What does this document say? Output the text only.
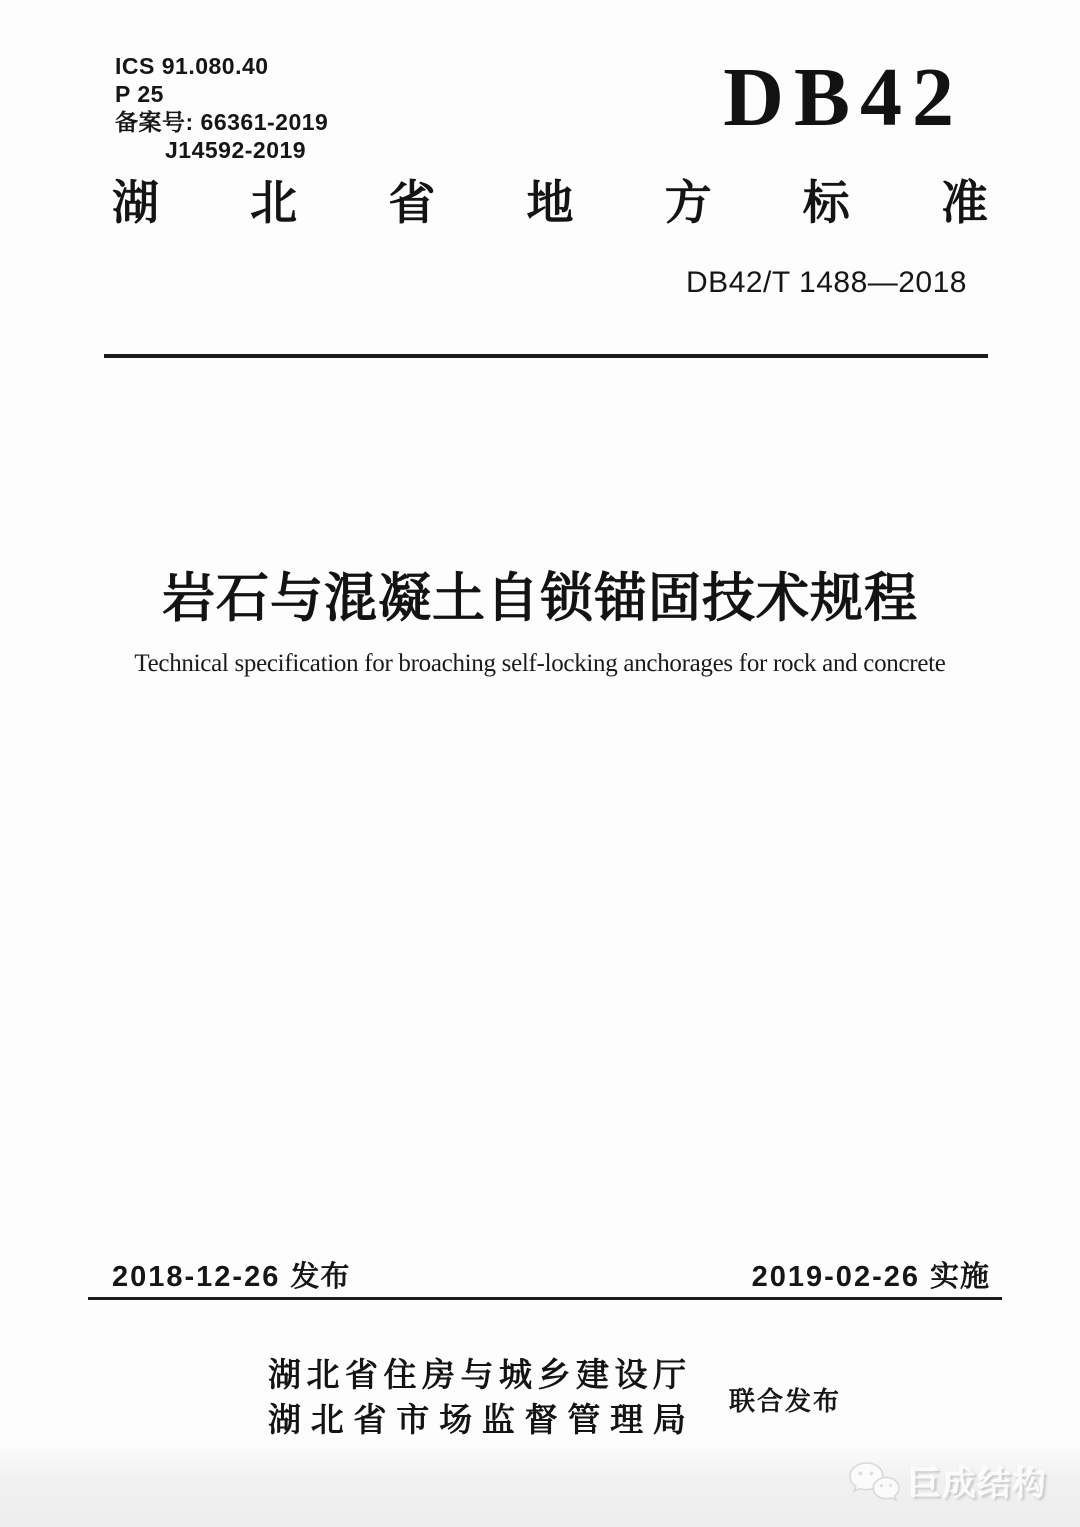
ICS 91.080.40
P 25
备案号: 66361-2019
J14592-2019
DB42
湖 北 省 地 方 标 准
DB42/T 1488—2018
岩石与混凝土自锁锚固技术规程
Technical specification for broaching self-locking anchorages for rock and concrete
2018-12-26 发布	2019-02-26 实施
湖 北 省 住 房 与 城 乡 建 设 厅
湖 北 省 市 场 监 督 管 理 局 联合发布
巨成结构
